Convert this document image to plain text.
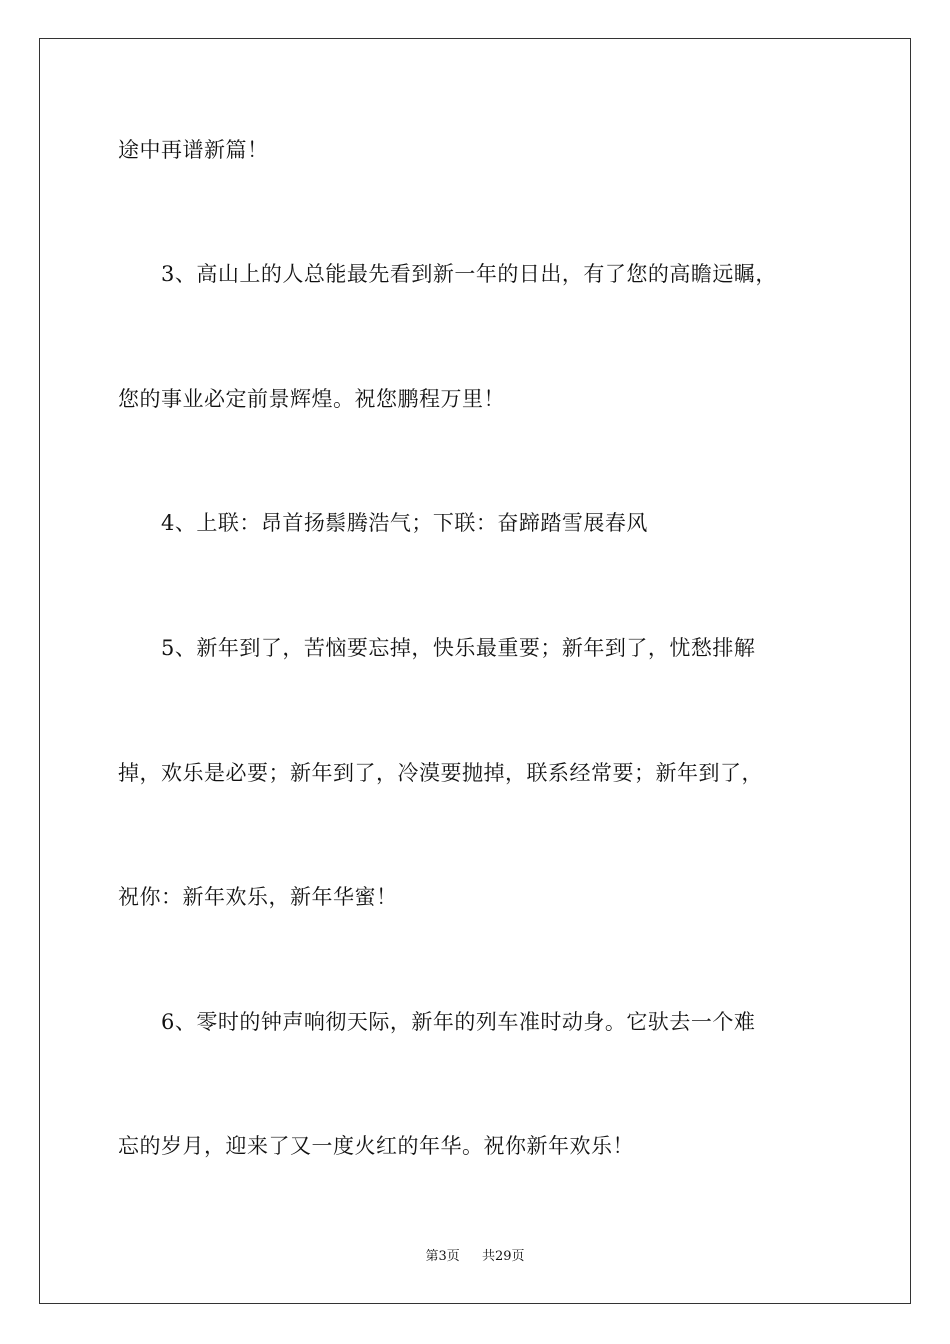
途中再谱新篇！
　　3、高山上的人总能最先看到新一年的日出，有了您的高瞻远瞩，
您的事业必定前景辉煌。祝您鹏程万里！
　　4、上联：昂首扬鬃腾浩气；下联：奋蹄踏雪展春风
　　5、新年到了，苦恼要忘掉，快乐最重要；新年到了，忧愁排解
掉，欢乐是必要；新年到了，冷漠要抛掉，联系经常要；新年到了，
祝你：新年欢乐，新年华蜜！
　　6、零时的钟声响彻天际，新年的列车准时动身。它驮去一个难
忘的岁月，迎来了又一度火红的年华。祝你新年欢乐！
第3页 共29页
